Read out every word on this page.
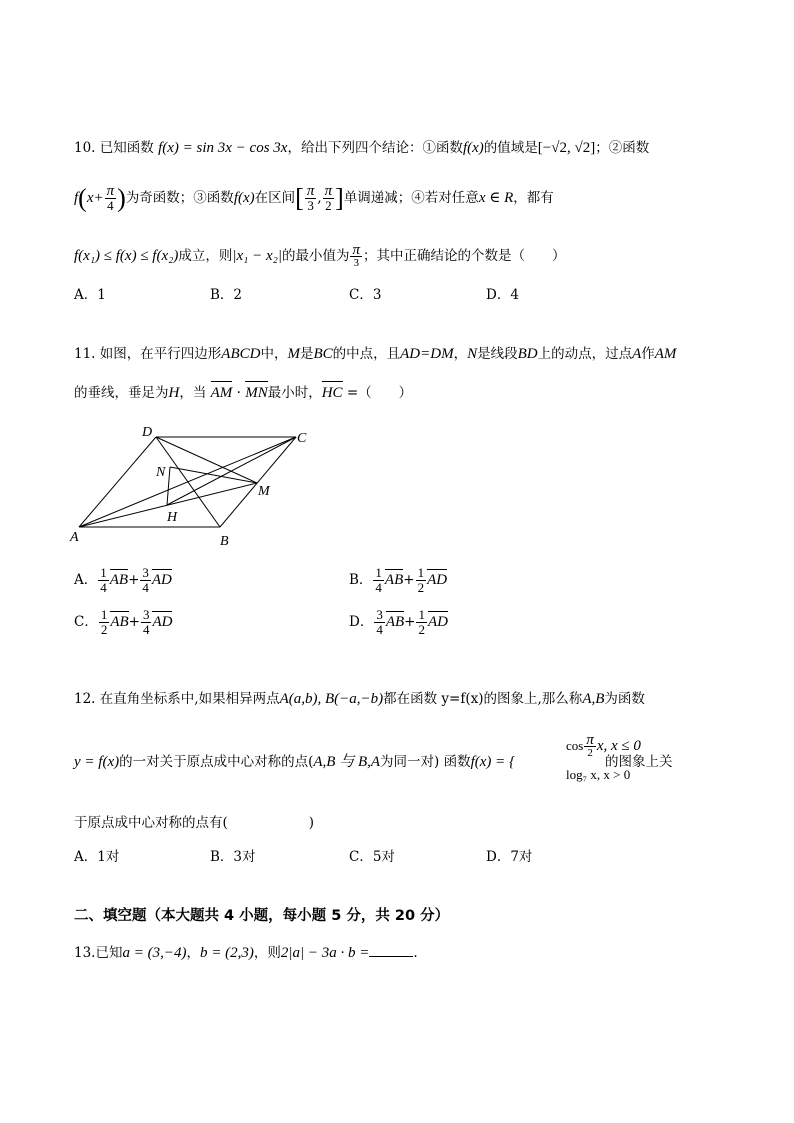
10. 已知函数 f(x) = sin 3x − cos 3x，给出下列四个结论：①函数f(x)的值域是[−√2, √2]；②函数
$f(x+ \frac{\pi}{4}$ )为奇函数；③函数f(x)在区间[ $\frac{\pi}{3}$ , $\frac{\pi}{2}$ ]单调递减；④若对任意x ∈ R，都有
f(x₁) ≤ f(x) ≤ f(x₂)成立，则|x₁ − x₂|的最小值为 $\frac{\pi}{3}$ ；其中正确结论的个数是（　　）
A．1	B．2	C．3	D．4
11. 如图，在平行四边形ABCD中，M是BC的中点，且AD=DM，N是线段BD上的动点，过点A作AM
的垂线，垂足为H，当 AM · MN最小时，HC =（　　）
D	C
N
M
H
A	B
A． $\frac{1}{4} AB+ \frac{3}{4}$ AD	B． $\frac{1}{4} AB+ \frac{1}{2}$ AD
C． $\frac{1}{2} AB+ \frac{3}{4}$ AD	D． $\frac{3}{4} AB+ \frac{1}{2}$ AD
12. 在直角坐标系中,如果相异两点A(a,b), B(−a,−b)都在函数 y=f(x)的图象上,那么称A,B为函数
y = f(x)的一对关于原点成中心对称的点(A,B 与 B,A为同一对) 函数f(x) = {	的图象上关
$\cos \frac{\pi}{2} x$, x ≤ 0
log₇ x, x > 0
于原点成中心对称的点有(　　　　　　)
A．1对	B．3对	C．5对	D．7对
二、填空题（本大题共 4 小题，每小题 5 分，共 20 分）
13.已知a = (3,−4)，b = (2,3)，则2|a| − 3a · b =	.
